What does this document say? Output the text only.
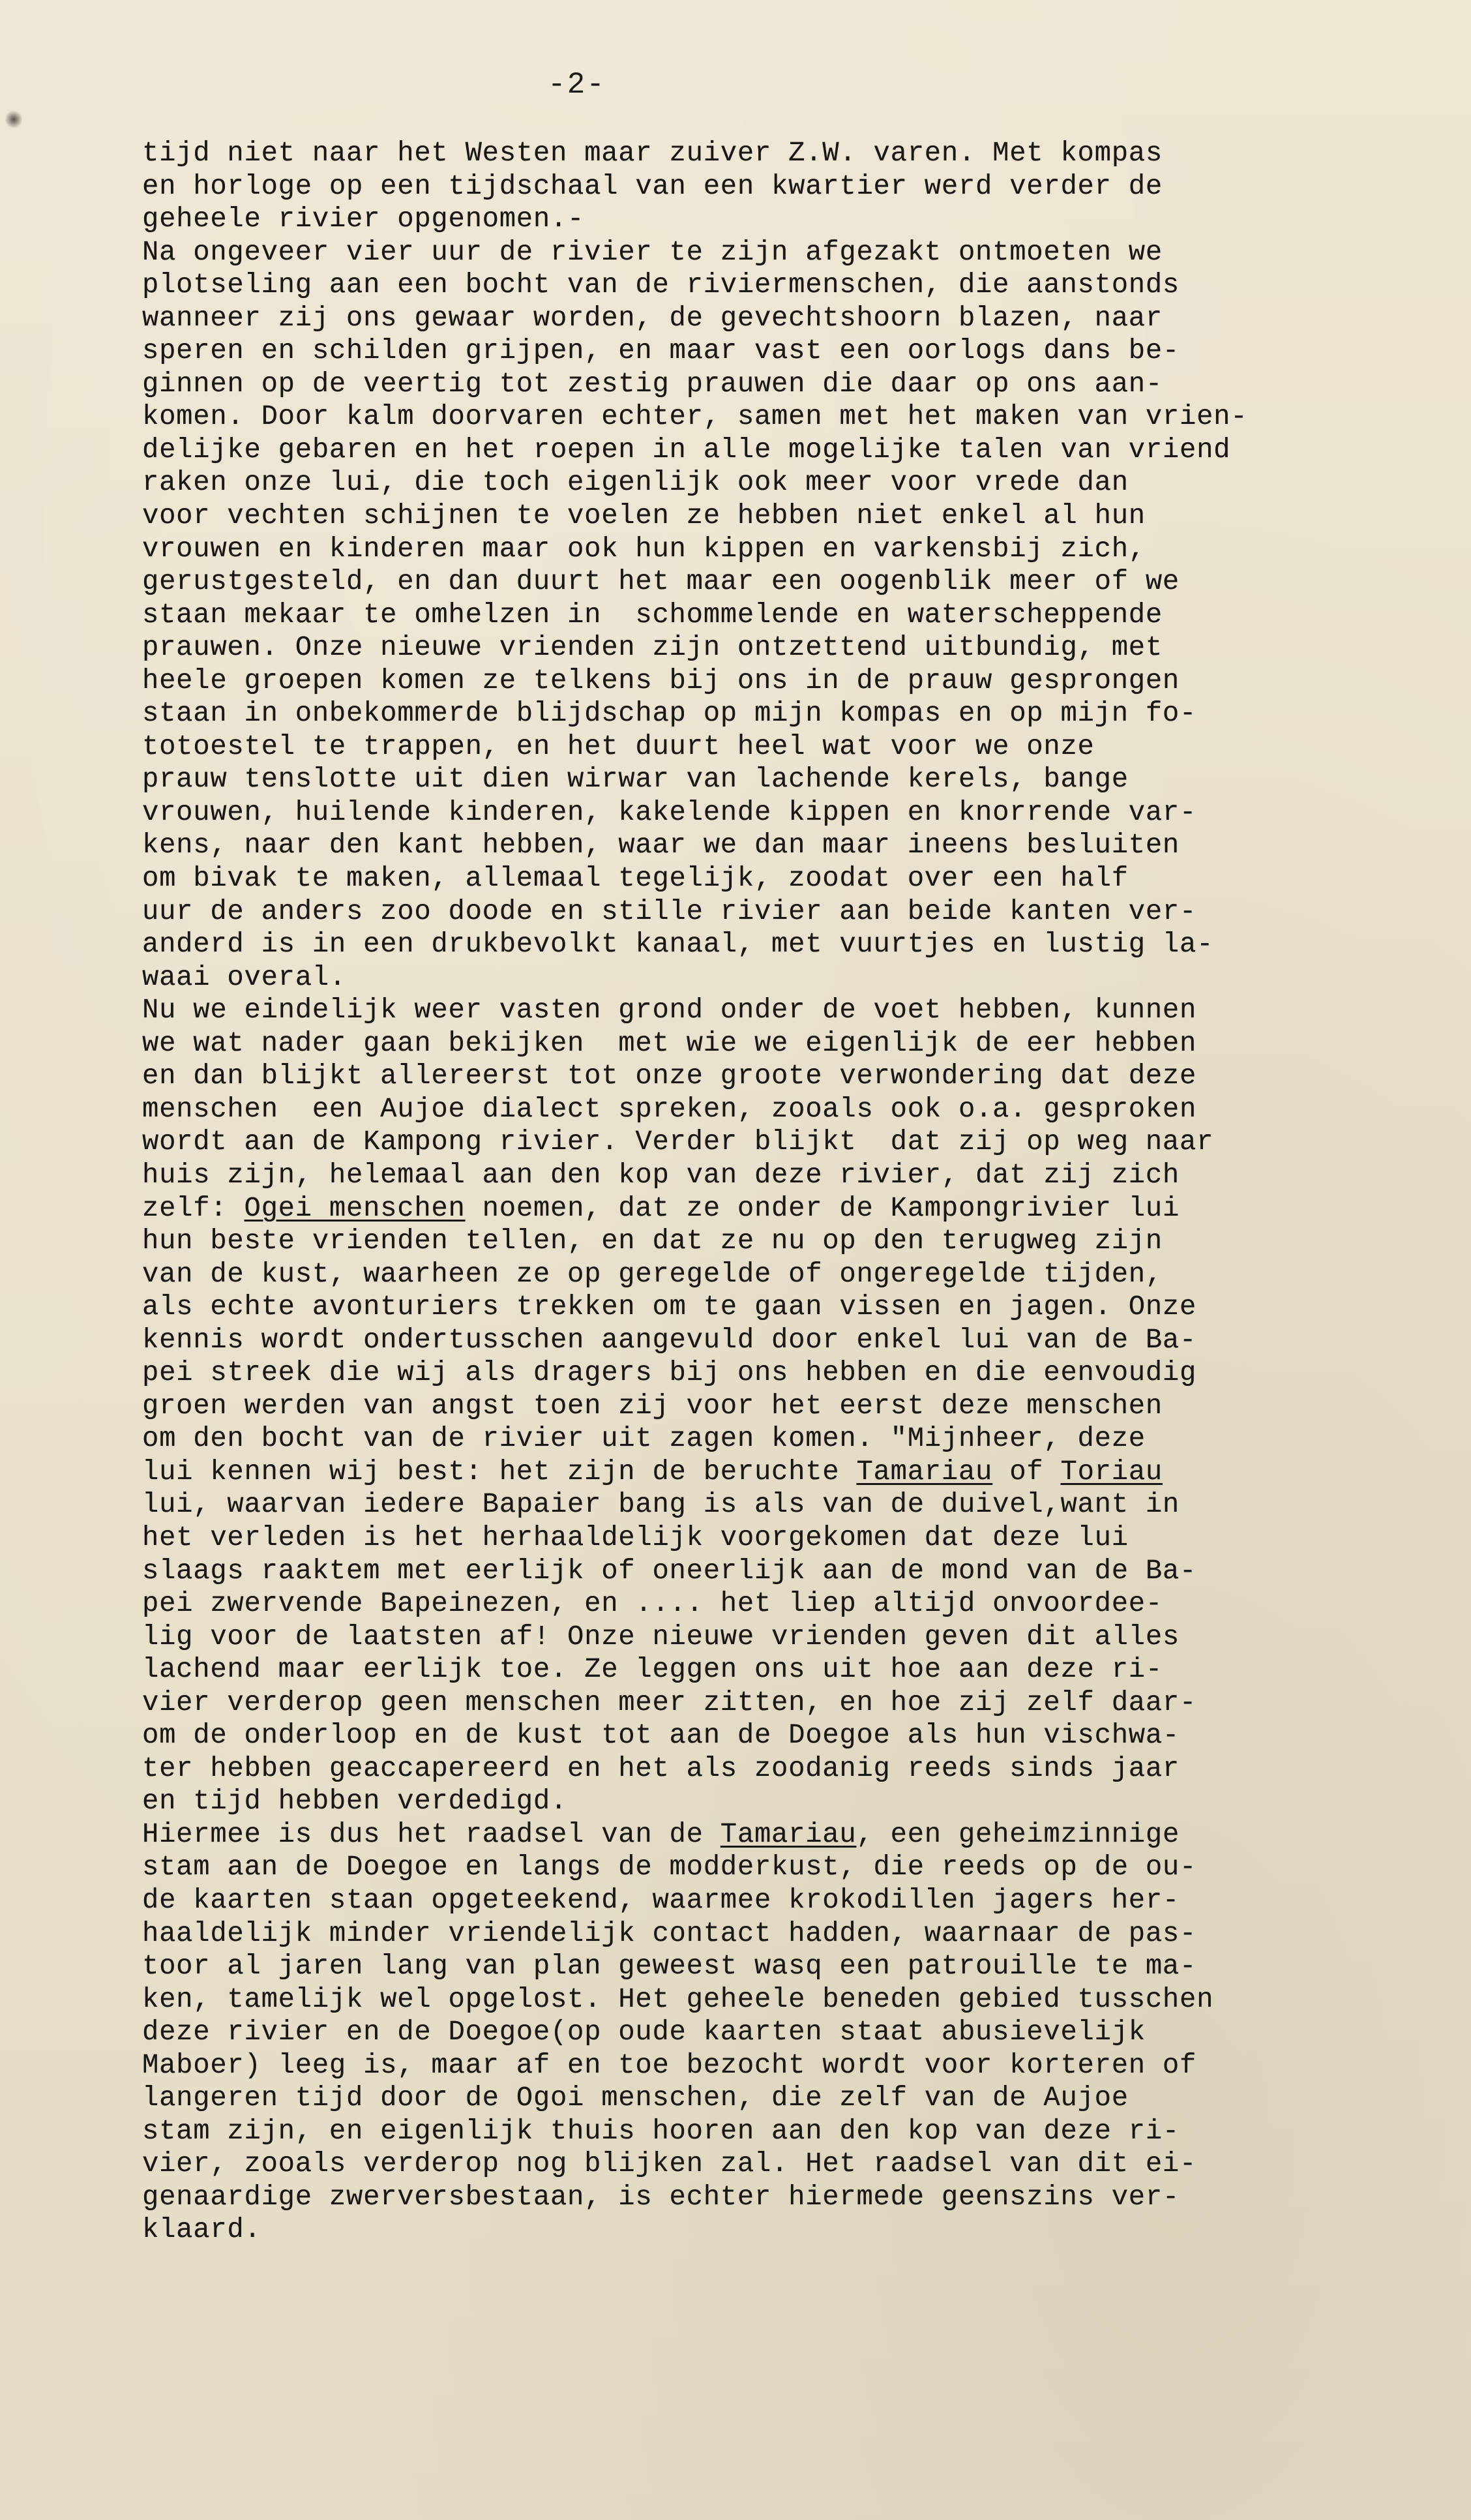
-2-
tijd niet naar het Westen maar zuiver Z.W. varen. Met kompas
en horloge op een tijdschaal van een kwartier werd verder de
geheele rivier opgenomen.-
Na ongeveer vier uur de rivier te zijn afgezakt ontmoeten we
plotseling aan een bocht van de riviermenschen, die aanstonds
wanneer zij ons gewaar worden, de gevechtshoorn blazen, naar
speren en schilden grijpen, en maar vast een oorlogs dans be-
ginnen op de veertig tot zestig prauwen die daar op ons aan-
komen. Door kalm doorvaren echter, samen met het maken van vrien-
delijke gebaren en het roepen in alle mogelijke talen van vriend
raken onze lui, die toch eigenlijk ook meer voor vrede dan
voor vechten schijnen te voelen ze hebben niet enkel al hun
vrouwen en kinderen maar ook hun kippen en varkensbij zich,
gerustgesteld, en dan duurt het maar een oogenblik meer of we
staan mekaar te omhelzen in  schommelende en waterscheppende
prauwen. Onze nieuwe vrienden zijn ontzettend uitbundig, met
heele groepen komen ze telkens bij ons in de prauw gesprongen
staan in onbekommerde blijdschap op mijn kompas en op mijn fo-
totoestel te trappen, en het duurt heel wat voor we onze
prauw tenslotte uit dien wirwar van lachende kerels, bange
vrouwen, huilende kinderen, kakelende kippen en knorrende var-
kens, naar den kant hebben, waar we dan maar ineens besluiten
om bivak te maken, allemaal tegelijk, zoodat over een half
uur de anders zoo doode en stille rivier aan beide kanten ver-
anderd is in een drukbevolkt kanaal, met vuurtjes en lustig la-
waai overal.
Nu we eindelijk weer vasten grond onder de voet hebben, kunnen
we wat nader gaan bekijken  met wie we eigenlijk de eer hebben
en dan blijkt allereerst tot onze groote verwondering dat deze
menschen  een Aujoe dialect spreken, zooals ook o.a. gesproken
wordt aan de Kampong rivier. Verder blijkt  dat zij op weg naar
huis zijn, helemaal aan den kop van deze rivier, dat zij zich
zelf: Ogei menschen noemen, dat ze onder de Kampongrivier lui
hun beste vrienden tellen, en dat ze nu op den terugweg zijn
van de kust, waarheen ze op geregelde of ongeregelde tijden,
als echte avonturiers trekken om te gaan vissen en jagen. Onze
kennis wordt ondertusschen aangevuld door enkel lui van de Ba-
pei streek die wij als dragers bij ons hebben en die eenvoudig
groen werden van angst toen zij voor het eerst deze menschen
om den bocht van de rivier uit zagen komen. "Mijnheer, deze
lui kennen wij best: het zijn de beruchte Tamariau of Toriau
lui, waarvan iedere Bapaier bang is als van de duivel,want in
het verleden is het herhaaldelijk voorgekomen dat deze lui
slaags raaktem met eerlijk of oneerlijk aan de mond van de Ba-
pei zwervende Bapeinezen, en .... het liep altijd onvoordee-
lig voor de laatsten af! Onze nieuwe vrienden geven dit alles
lachend maar eerlijk toe. Ze leggen ons uit hoe aan deze ri-
vier verderop geen menschen meer zitten, en hoe zij zelf daar-
om de onderloop en de kust tot aan de Doegoe als hun vischwa-
ter hebben geaccapereerd en het als zoodanig reeds sinds jaar
en tijd hebben verdedigd.
Hiermee is dus het raadsel van de Tamariau, een geheimzinnige
stam aan de Doegoe en langs de modderkust, die reeds op de ou-
de kaarten staan opgeteekend, waarmee krokodillen jagers her-
haaldelijk minder vriendelijk contact hadden, waarnaar de pas-
toor al jaren lang van plan geweest wasq een patrouille te ma-
ken, tamelijk wel opgelost. Het geheele beneden gebied tusschen
deze rivier en de Doegoe(op oude kaarten staat abusievelijk
Maboer) leeg is, maar af en toe bezocht wordt voor korteren of
langeren tijd door de Ogoi menschen, die zelf van de Aujoe
stam zijn, en eigenlijk thuis hooren aan den kop van deze ri-
vier, zooals verderop nog blijken zal. Het raadsel van dit ei-
genaardige zwerversbestaan, is echter hiermede geenszins ver-
klaard.
